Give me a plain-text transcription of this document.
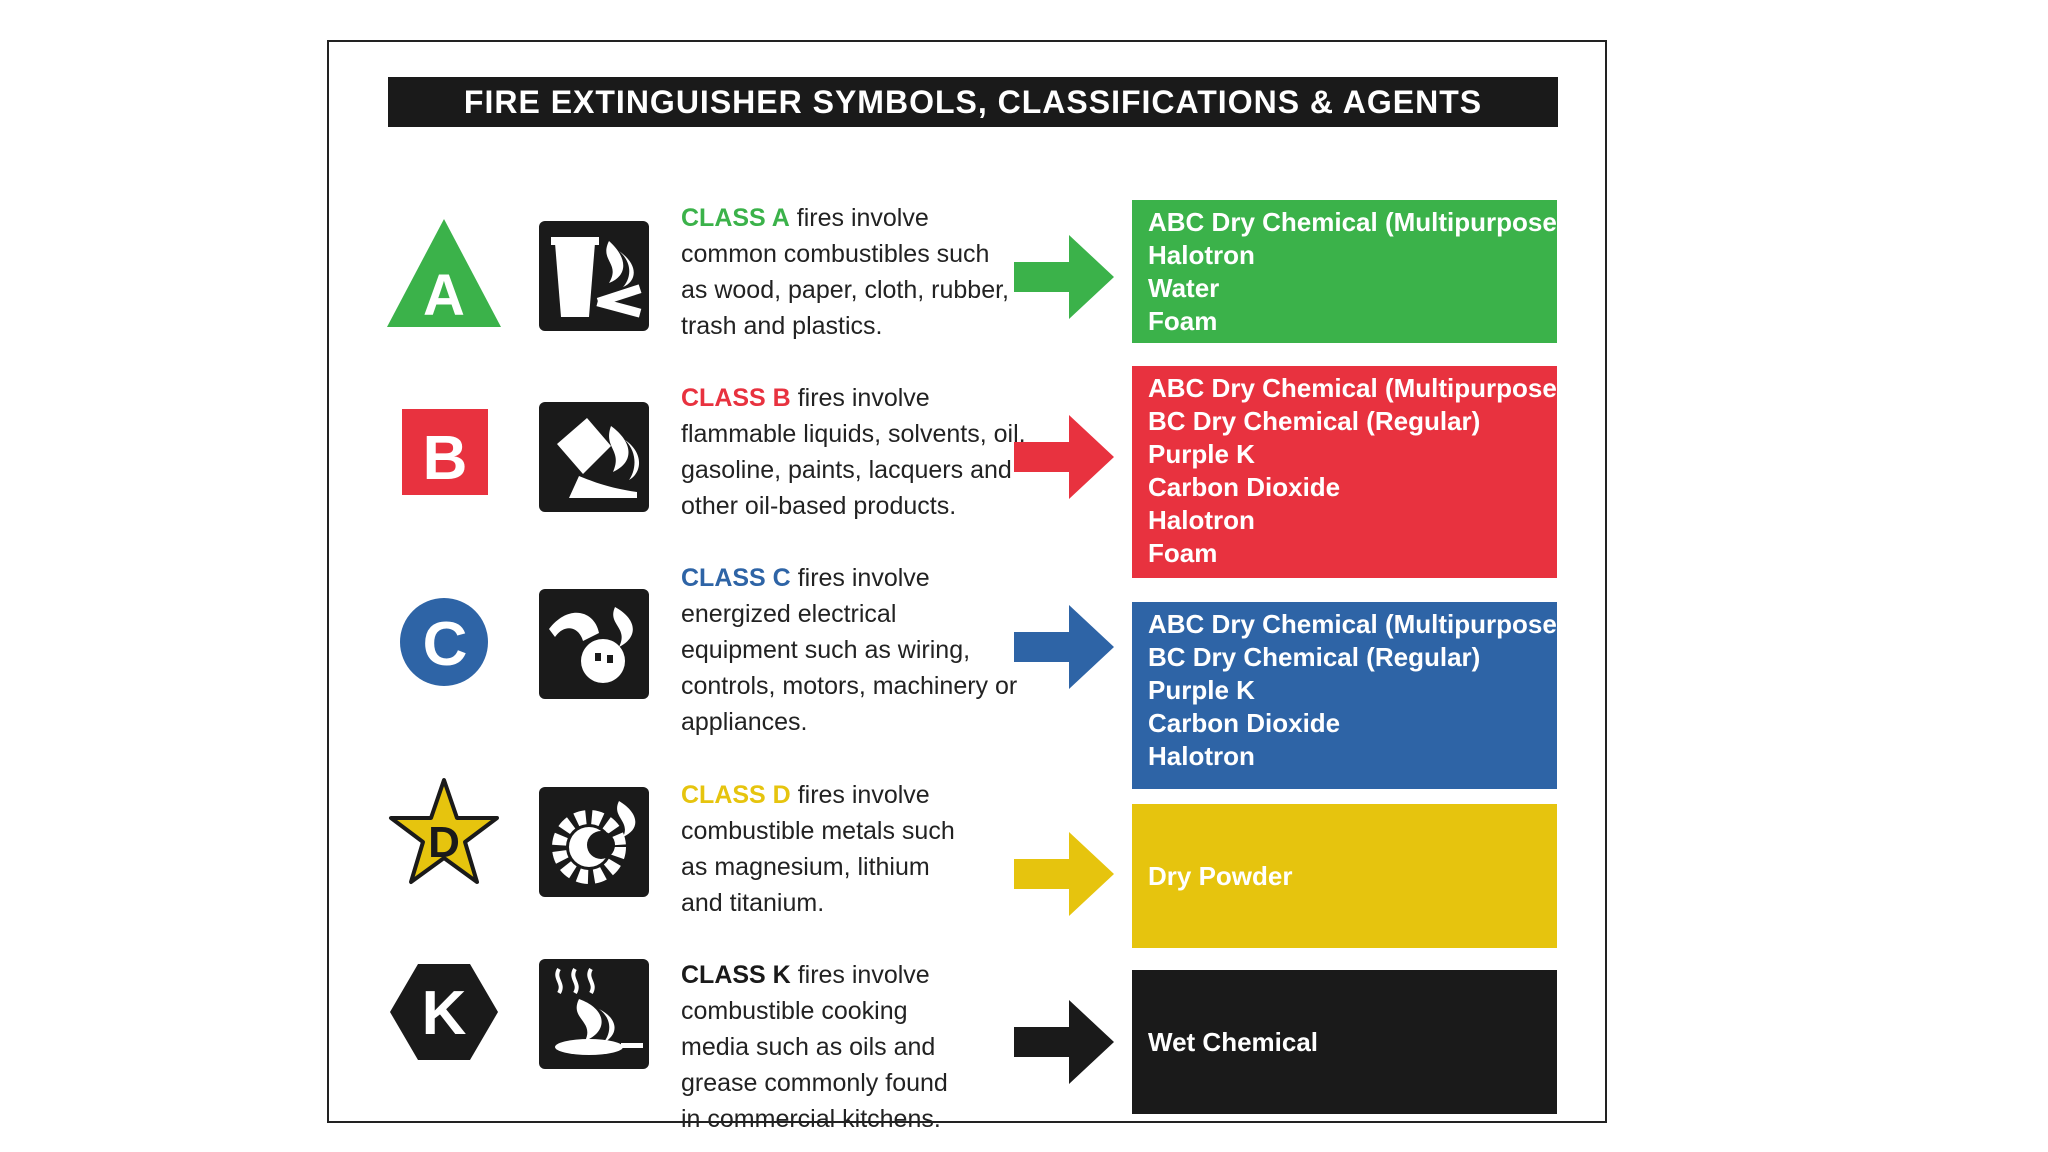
FIRE EXTINGUISHER SYMBOLS, CLASSIFICATIONS & AGENTS
A
CLASS A fires involve
common combustibles such
as wood, paper, cloth, rubber,
trash and plastics.
ABC Dry Chemical (Multipurpose)
Halotron
Water
Foam
B
CLASS B fires involve
flammable liquids, solvents, oil,
gasoline, paints, lacquers and
other oil-based products.
ABC Dry Chemical (Multipurpose)
BC Dry Chemical (Regular)
Purple K
Carbon Dioxide
Halotron
Foam
C
CLASS C fires involve
energized electrical
equipment such as wiring,
controls, motors, machinery or
appliances.
ABC Dry Chemical (Multipurpose)
BC Dry Chemical (Regular)
Purple K
Carbon Dioxide
Halotron
D
CLASS D fires involve
combustible metals such
as magnesium, lithium
and titanium.
Dry Powder
K
CLASS K fires involve
combustible cooking
media such as oils and
grease commonly found
in commercial kitchens.
Wet Chemical
